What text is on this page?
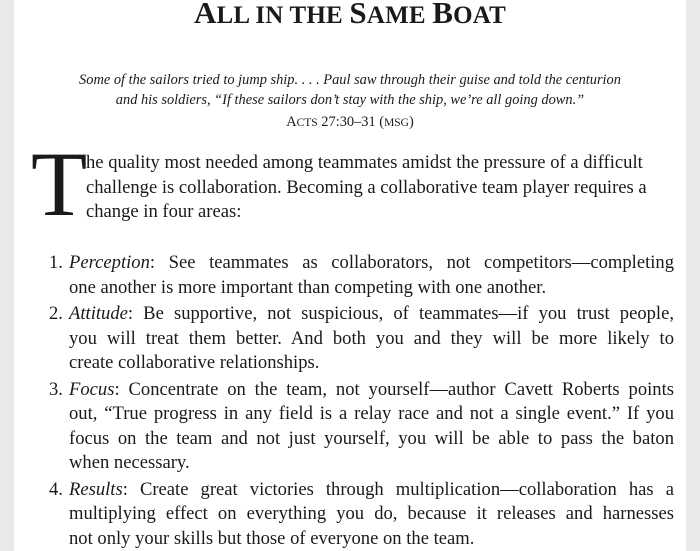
ALL IN THE SAME BOAT
Some of the sailors tried to jump ship. . . . Paul saw through their guise and told the centurion
and his soldiers, “If these sailors don’t stay with the ship, we’re all going down.”
ACTS 27:30–31 (MSG)
T
he quality most needed among teammates amidst the pressure of a difficult
challenge is collaboration. Becoming a collaborative team player requires a
change in four areas:
1. Perception: See teammates as collaborators, not competitors—completing
one another is more important than competing with one another.
2. Attitude: Be supportive, not suspicious, of teammates—if you trust people,
you will treat them better. And both you and they will be more likely to
create collaborative relationships.
3. Focus: Concentrate on the team, not yourself—author Cavett Roberts points
out, “True progress in any field is a relay race and not a single event.” If you
focus on the team and not just yourself, you will be able to pass the baton
when necessary.
4. Results: Create great victories through multiplication—collaboration has a
multiplying effect on everything you do, because it releases and harnesses
not only your skills but those of everyone on the team.
